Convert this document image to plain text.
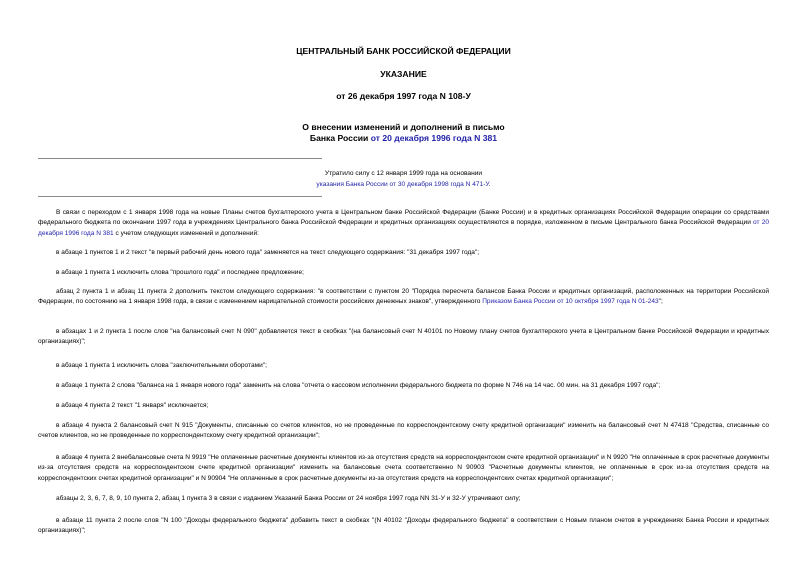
ЦЕНТРАЛЬНЫЙ БАНК РОССИЙСКОЙ ФЕДЕРАЦИИ
УКАЗАНИЕ
от 26 декабря 1997 года N 108-У
О внесении изменений и дополнений в письмо
Банка России от 20 декабря 1996 года N 381
Утратило силу с 12 января 1999 года на основании
указания Банка России от 30 декабря 1998 года N 471-У.

В связи с переходом с 1 января 1998 года на новые Планы счетов бухгалтерского учета в Центральном банке Российской Федерации (Банке России) и в кредитных организациях Российской Федерации операции со средствами федерального бюджета по окончании 1997 года в учреждениях Центрального банка Российской Федерации и кредитных организациях осуществляются в порядке, изложенном в письме Центрального банка Российской Федерации от 20 декабря 1996 года N 381 с учетом следующих изменений и дополнений:

в абзаце 1 пунктов 1 и 2 текст "в первый рабочий день нового года" заменяется на текст следующего содержания: "31 декабря 1997 года";

в абзаце 1 пункта 1 исключить слова "прошлого года" и последнее предложение;

абзац 2 пункта 1 и абзац 11 пункта 2 дополнить текстом следующего содержания: "в соответствии с пунктом 20 "Порядка пересчета балансов Банка России и кредитных организаций, расположенных на территории Российской Федерации, по состоянию на 1 января 1998 года, в связи с изменением нарицательной стоимости российских денежных знаков", утвержденного Приказом Банка России от 10 октября 1997 года N 01-243";

в абзацах 1 и 2 пункта 1 после слов "на балансовый счет N 090" добавляется текст в скобках "(на балансовый счет N 40101 по Новому плану счетов бухгалтерского учета в Центральном банке Российской Федерации и кредитных организациях)";

в абзаце 1 пункта 1 исключить слова "заключительными оборотами";

в абзаце 1 пункта 2 слова "баланса на 1 января нового года" заменить на слова "отчета о кассовом исполнении федерального бюджета по форме N 746 на 14 час. 00 мин. на 31 декабря 1997 года";

в абзаце 4 пункта 2 текст "1 января" исключается;

в абзаце 4 пункта 2 балансовый счет N 915 "Документы, списанные со счетов клиентов, но не проведенные по корреспондентскому счету кредитной организации" изменить на балансовый счет N 47418 "Средства, списанные со счетов клиентов, но не проведенные по корреспондентскому счету кредитной организации";

в абзаце 4 пункта 2 внебалансовые счета N 9919 "Не оплаченные расчетные документы клиентов из-за отсутствия средств на корреспондентском счете кредитной организации" и N 9920 "Не оплаченные в срок расчетные документы из-за отсутствия средств на корреспондентском счете кредитной организации" изменить на балансовые счета соответственно N 90903 "Расчетные документы клиентов, не оплаченные в срок из-за отсутствия средств на корреспондентских счетах кредитной организации" и N 90904 "Не оплаченные в срок расчетные документы из-за отсутствия средств на корреспондентских счетах кредитной организации";

абзацы 2, 3, 6, 7, 8, 9, 10 пункта 2, абзац 1 пункта 3 в связи с изданием Указаний Банка России от 24 ноября 1997 года NN 31-У и 32-У утрачивают силу;

в абзаце 11 пункта 2 после слов "N 100 "Доходы федерального бюджета" добавить текст в скобках "(N 40102 "Доходы федерального бюджета" в соответствии с Новым планом счетов в учреждениях Банка России и кредитных организациях)";
